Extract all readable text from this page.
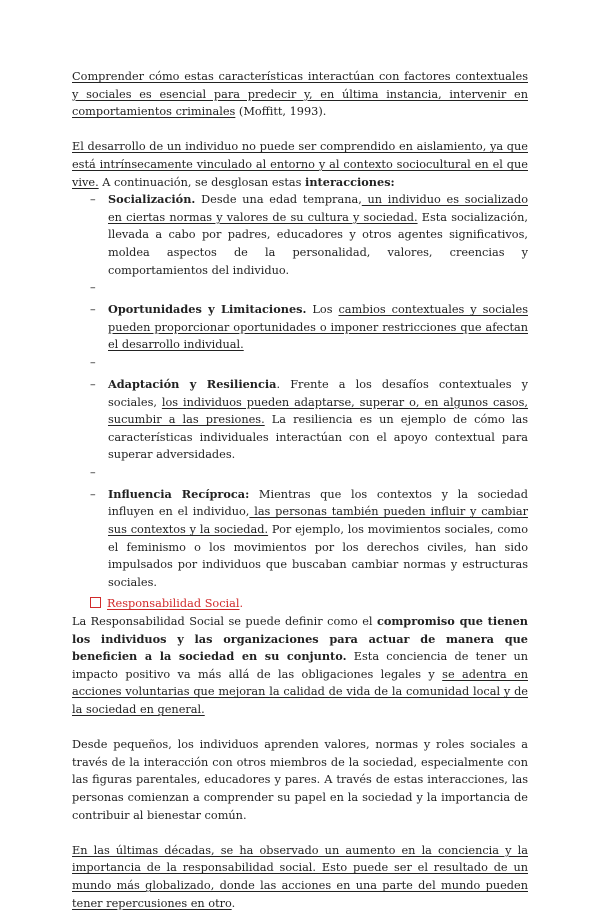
Comprender cómo estas características interactúan con factores contextuales y sociales es esencial para predecir y, en última instancia, intervenir en comportamientos criminales (Moffitt, 1993).

El desarrollo de un individuo no puede ser comprendido en aislamiento, ya que está intrínsecamente vinculado al entorno y al contexto sociocultural en el que vive. A continuación, se desglosan estas interacciones:

– Socialización. Desde una edad temprana, un individuo es socializado en ciertas normas y valores de su cultura y sociedad. Esta socialización, llevada a cabo por padres, educadores y otros agentes significativos, moldea aspectos de la personalidad, valores, creencias y comportamientos del individuo.
–
– Oportunidades y Limitaciones. Los cambios contextuales y sociales pueden proporcionar oportunidades o imponer restricciones que afectan el desarrollo individual.
–
– Adaptación y Resiliencia. Frente a los desafíos contextuales y sociales, los individuos pueden adaptarse, superar o, en algunos casos, sucumbir a las presiones. La resiliencia es un ejemplo de cómo las características individuales interactúan con el apoyo contextual para superar adversidades.
–
– Influencia Recíproca: Mientras que los contextos y la sociedad influyen en el individuo, las personas también pueden influir y cambiar sus contextos y la sociedad. Por ejemplo, los movimientos sociales, como el feminismo o los movimientos por los derechos civiles, han sido impulsados por individuos que buscaban cambiar normas y estructuras sociales.
Responsabilidad Social.

La Responsabilidad Social se puede definir como el compromiso que tienen los individuos y las organizaciones para actuar de manera que beneficien a la sociedad en su conjunto. Esta conciencia de tener un impacto positivo va más allá de las obligaciones legales y se adentra en acciones voluntarias que mejoran la calidad de vida de la comunidad local y de la sociedad en general.

Desde pequeños, los individuos aprenden valores, normas y roles sociales a través de la interacción con otros miembros de la sociedad, especialmente con las figuras parentales, educadores y pares. A través de estas interacciones, las personas comienzan a comprender su papel en la sociedad y la importancia de contribuir al bienestar común.

En las últimas décadas, se ha observado un aumento en la conciencia y la importancia de la responsabilidad social. Esto puede ser el resultado de un mundo más globalizado, donde las acciones en una parte del mundo pueden tener repercusiones en otro.
